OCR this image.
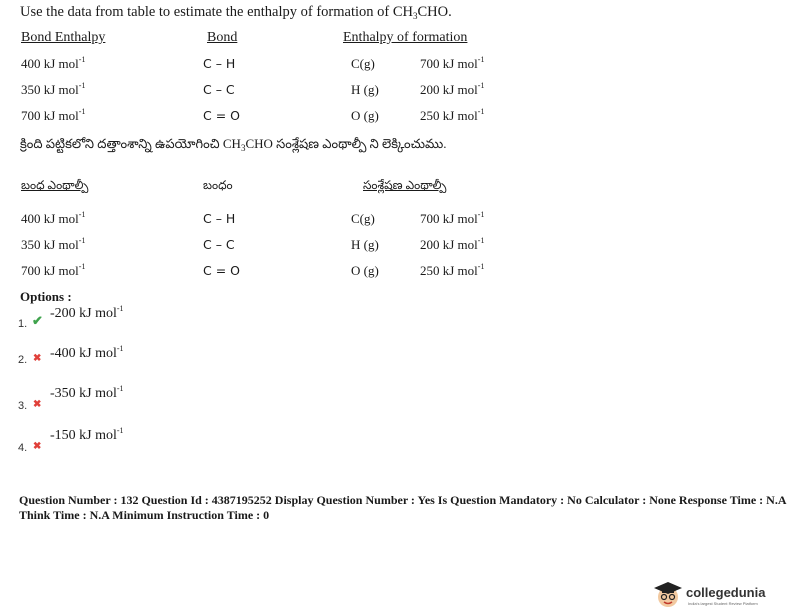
Use the data from table to estimate the enthalpy of formation of $CH_3CHO$.
Bond Enthalpy	Bond	Enthalpy of formation
400 kJ mol$^{-1}$	C – H	C(g)	700 kJ mol$^{-1}$
350 kJ mol$^{-1}$	C – C	H (g)	200 kJ mol$^{-1}$
700 kJ mol$^{-1}$	C = O	O (g)	250 kJ mol$^{-1}$
క్రింది పట్టికలోని దత్తాంశాన్ని ఉపయోగించి $CH_3CHO$ సంశ్లేషణ ఎంథాల్పీ ని లెక్కించుము.
బంధ ఎంథాల్పీ	బంధం	సంశ్లేషణ ఎంథాల్పీ
400 kJ mol$^{-1}$	C – H	C(g)	700 kJ mol$^{-1}$
350 kJ mol$^{-1}$	C – C	H (g)	200 kJ mol$^{-1}$
700 kJ mol$^{-1}$	C = O	O (g)	250 kJ mol$^{-1}$
Options :
1. ✔ -200 kJ mol$^{-1}$
2. ✖ -400 kJ mol$^{-1}$
3. ✖
-350 kJ mol$^{-1}$
4. ✖
-150 kJ mol$^{-1}$
Question Number : 132 Question Id : 4387195252 Display Question Number : Yes Is Question Mandatory : No Calculator : None Response Time : N.A Think Time : N.A Minimum Instruction Time : 0
collegedunia
India's largest Student Review Platform
